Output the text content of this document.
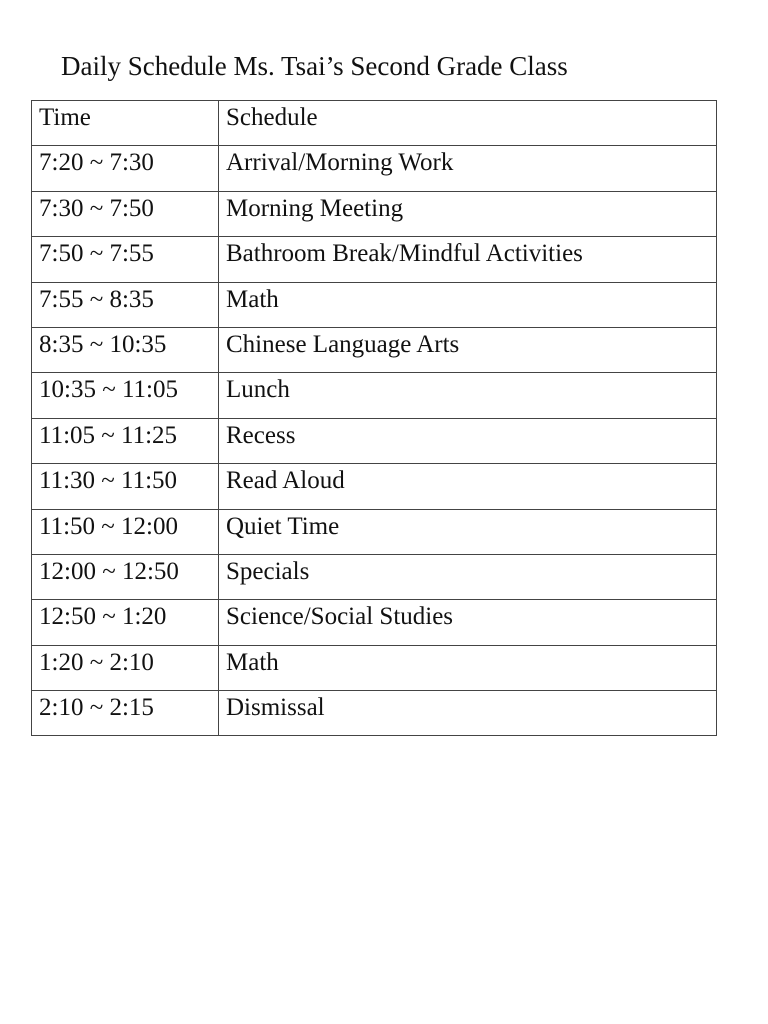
Daily Schedule Ms. Tsai’s Second Grade Class
Time	Schedule
7:20 ~ 7:30	Arrival/Morning Work
7:30 ~ 7:50	Morning Meeting
7:50 ~ 7:55	Bathroom Break/Mindful Activities
7:55 ~ 8:35	Math
8:35 ~ 10:35	Chinese Language Arts
10:35 ~ 11:05	Lunch
11:05 ~ 11:25	Recess
11:30 ~ 11:50	Read Aloud
11:50 ~ 12:00	Quiet Time
12:00 ~ 12:50	Specials
12:50 ~ 1:20	Science/Social Studies
1:20 ~ 2:10	Math
2:10 ~ 2:15	Dismissal
